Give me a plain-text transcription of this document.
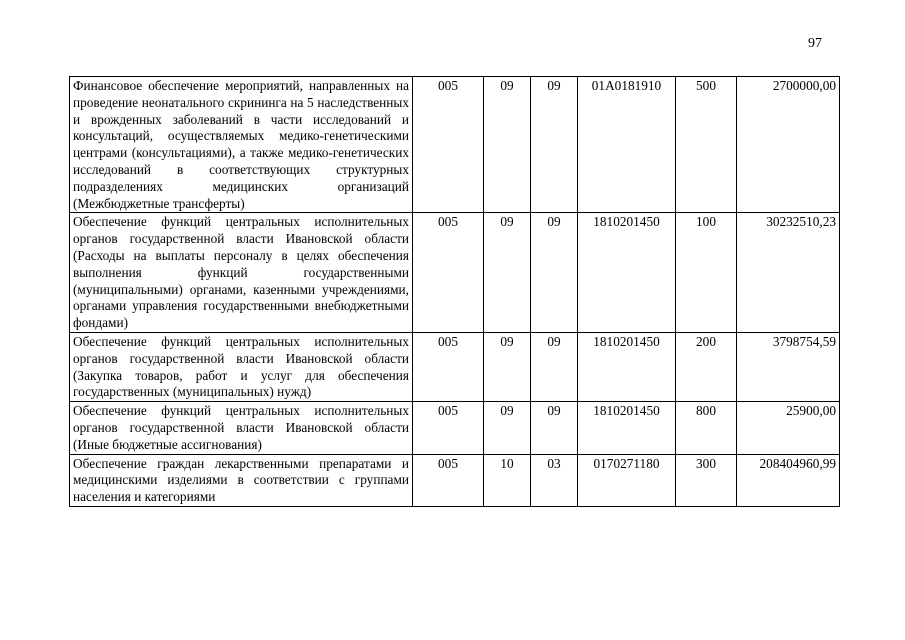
97
Финансовое обеспечение мероприятий, направленных на проведение неонатального скрининга на 5 наследственных и врожденных заболеваний в части исследований и консультаций, осуществляемых медико-генетическими центрами (консультациями), а также медико-генетических исследований в соответствующих структурных подразделениях медицинских организаций (Межбюджетные трансферты)	005	09	09	01А0181910	500	2700000,00
Обеспечение функций центральных исполнительных органов государственной власти Ивановской области (Расходы на выплаты персоналу в целях обеспечения выполнения функций государственными (муниципальными) органами, казенными учреждениями, органами управления государственными внебюджетными фондами)	005	09	09	1810201450	100	30232510,23
Обеспечение функций центральных исполнительных органов государственной власти Ивановской области (Закупка товаров, работ и услуг для обеспечения государственных (муниципальных) нужд)	005	09	09	1810201450	200	3798754,59
Обеспечение функций центральных исполнительных органов государственной власти Ивановской области (Иные бюджетные ассигнования)	005	09	09	1810201450	800	25900,00
Обеспечение граждан лекарственными препаратами и медицинскими изделиями в соответствии с группами населения и категориями	005	10	03	0170271180	300	208404960,99
